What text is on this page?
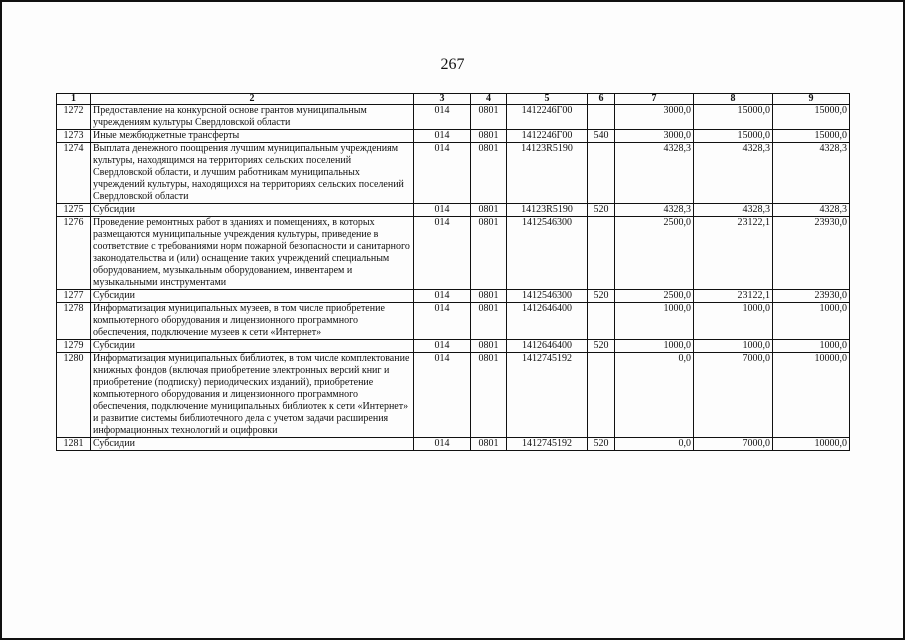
267
1	2	3	4	5	6	7	8	9
1272	Предоставление на конкурсной основе грантов муниципальным учреждениям культуры Свердловской области	014	0801	1412246Г00		3000,0	15000,0	15000,0
1273	Иные межбюджетные трансферты	014	0801	1412246Г00	540	3000,0	15000,0	15000,0
1274	Выплата денежного поощрения лучшим муниципальным учреждениям культуры, находящимся на территориях сельских поселений Свердловской области, и лучшим работникам муниципальных учреждений культуры, находящихся на территориях сельских поселений Свердловской области	014	0801	14123R5190		4328,3	4328,3	4328,3
1275	Субсидии	014	0801	14123R5190	520	4328,3	4328,3	4328,3
1276	Проведение ремонтных работ в зданиях и помещениях, в которых размещаются муниципальные учреждения культуры, приведение в соответствие с требованиями норм пожарной безопасности и санитарного законодательства и (или) оснащение таких учреждений специальным оборудованием, музыкальным оборудованием, инвентарем и музыкальными инструментами	014	0801	1412546300		2500,0	23122,1	23930,0
1277	Субсидии	014	0801	1412546300	520	2500,0	23122,1	23930,0
1278	Информатизация муниципальных музеев, в том числе приобретение компьютерного оборудования и лицензионного программного обеспечения, подключение музеев к сети «Интернет»	014	0801	1412646400		1000,0	1000,0	1000,0
1279	Субсидии	014	0801	1412646400	520	1000,0	1000,0	1000,0
1280	Информатизация муниципальных библиотек, в том числе комплектование книжных фондов (включая приобретение электронных версий книг и приобретение (подписку) периодических изданий), приобретение компьютерного оборудования и лицензионного программного обеспечения, подключение муниципальных библиотек к сети «Интернет» и развитие системы библиотечного дела с учетом задачи расширения информационных технологий и оцифровки	014	0801	1412745192		0,0	7000,0	10000,0
1281	Субсидии	014	0801	1412745192	520	0,0	7000,0	10000,0
